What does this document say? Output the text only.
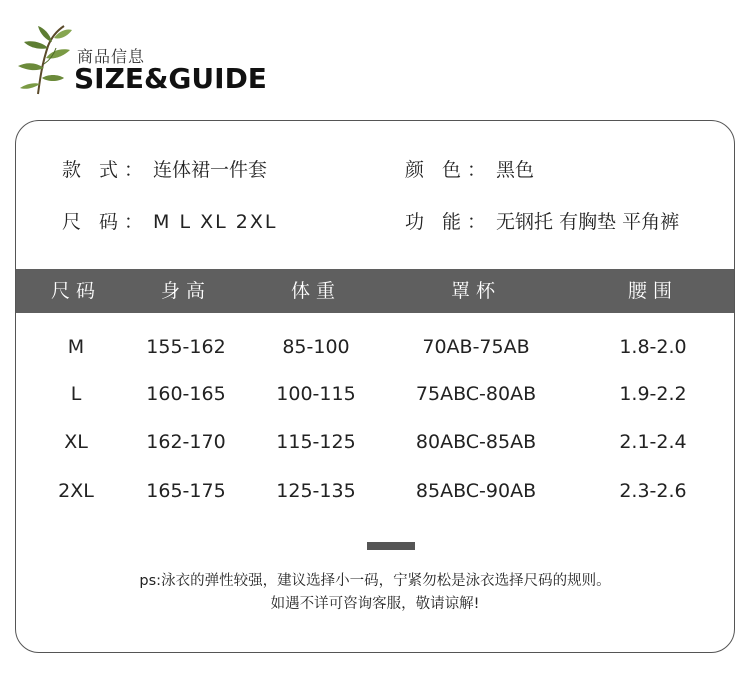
商品信息
SIZE&GUIDE
款 式： 连体裙一件套	颜 色： 黑色
尺 码： M L XL 2XL	功 能： 无钢托 有胸垫 平角裤
尺码	身高	体重	罩杯	腰围
M	155-162	85-100	70AB-75AB	1.8-2.0
L	160-165	100-115	75ABC-80AB	1.9-2.2
XL	162-170	115-125	80ABC-85AB	2.1-2.4
2XL	165-175	125-135	85ABC-90AB	2.3-2.6
ps:泳衣的弹性较强，建议选择小一码，宁紧勿松是泳衣选择尺码的规则。
如遇不详可咨询客服，敬请谅解!
